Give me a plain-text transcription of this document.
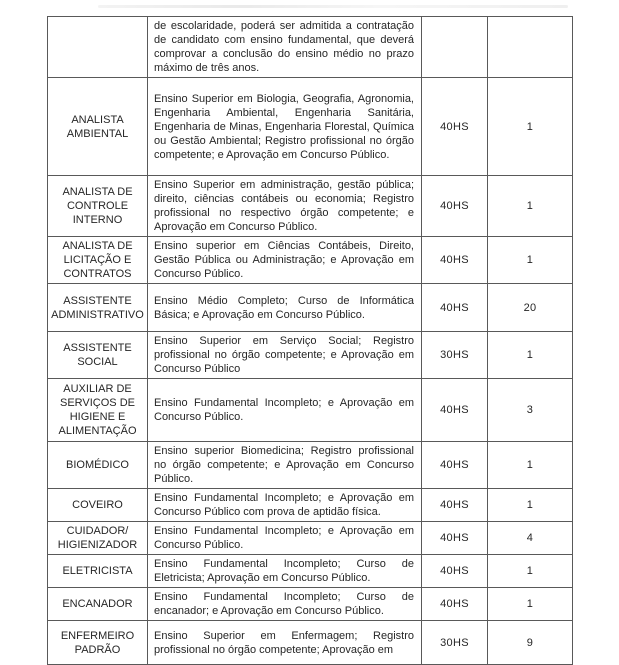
	de escolaridade, poderá ser admitida a contratação de candidato com ensino fundamental, que deverá comprovar a conclusão do ensino médio no prazo máximo de três anos.		
ANALISTA AMBIENTAL	Ensino Superior em Biologia, Geografia, Agronomia, Engenharia Ambiental, Engenharia Sanitária, Engenharia de Minas, Engenharia Florestal, Química ou Gestão Ambiental; Registro profissional no órgão competente; e Aprovação em Concurso Público.	40HS	1
ANALISTA DE CONTROLE INTERNO	Ensino Superior em administração, gestão pública; direito, ciências contábeis ou economia; Registro profissional no respectivo órgão competente; e Aprovação em Concurso Público.	40HS	1
ANALISTA DE LICITAÇÃO E CONTRATOS	Ensino superior em Ciências Contábeis, Direito, Gestão Pública ou Administração; e Aprovação em Concurso Público.	40HS	1
ASSISTENTE ADMINISTRATIVO	Ensino Médio Completo; Curso de Informática Básica; e Aprovação em Concurso Público.	40HS	20
ASSISTENTE SOCIAL	Ensino Superior em Serviço Social; Registro profissional no órgão competente; e Aprovação em Concurso Público	30HS	1
AUXILIAR DE SERVIÇOS DE HIGIENE E ALIMENTAÇÃO	Ensino Fundamental Incompleto; e Aprovação em Concurso Público.	40HS	3
BIOMÉDICO	Ensino superior Biomedicina; Registro profissional no órgão competente; e Aprovação em Concurso Público.	40HS	1
COVEIRO	Ensino Fundamental Incompleto; e Aprovação em Concurso Público com prova de aptidão física.	40HS	1
CUIDADOR/ HIGIENIZADOR	Ensino Fundamental Incompleto; e Aprovação em Concurso Público.	40HS	4
ELETRICISTA	Ensino Fundamental Incompleto; Curso de Eletricista; Aprovação em Concurso Público.	40HS	1
ENCANADOR	Ensino Fundamental Incompleto; Curso de encanador; e Aprovação em Concurso Público.	40HS	1
ENFERMEIRO PADRÃO	Ensino Superior em Enfermagem; Registro profissional no órgão competente; Aprovação em	30HS	9
